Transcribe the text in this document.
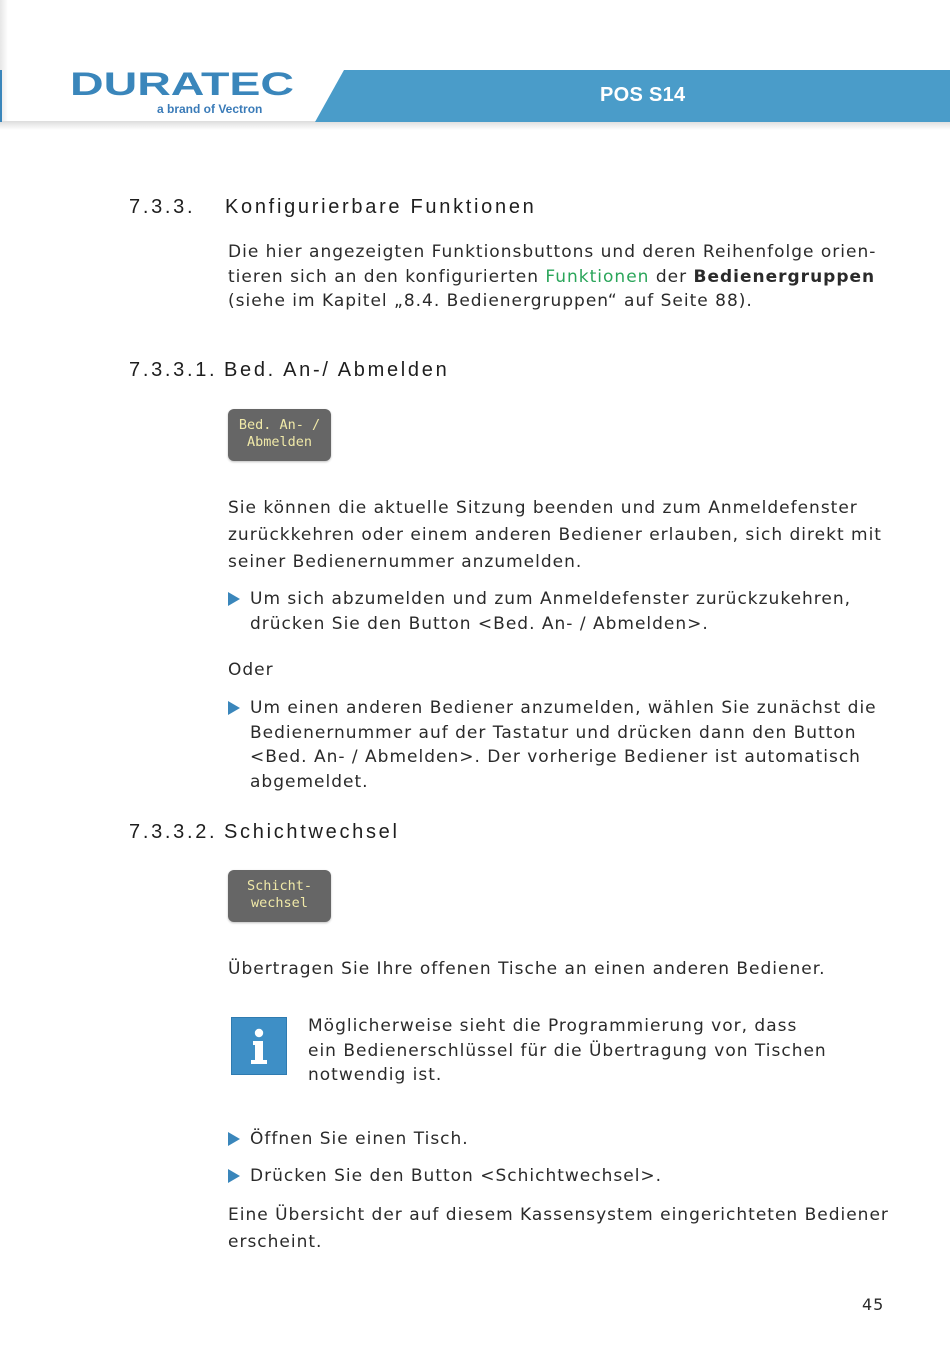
DURATEC
a brand of Vectron
POS S14
7.3.3. Konfigurierbare Funktionen
Die hier angezeigten Funktionsbuttons und deren Reihenfolge orien-
tieren sich an den konfigurierten Funktionen der Bedienergruppen
(siehe im Kapitel „8.4. Bedienergruppen“ auf Seite 88).
7.3.3.1. Bed. An-/ Abmelden
Bed. An- /
Abmelden
Sie können die aktuelle Sitzung beenden und zum Anmeldefenster
zurückkehren oder einem anderen Bediener erlauben, sich direkt mit
seiner Bedienernummer anzumelden.
Um sich abzumelden und zum Anmeldefenster zurückzukehren,
drücken Sie den Button <Bed. An- / Abmelden>.
Oder
Um einen anderen Bediener anzumelden, wählen Sie zunächst die
Bedienernummer auf der Tastatur und drücken dann den Button
<Bed. An- / Abmelden>. Der vorherige Bediener ist automatisch
abgemeldet.
7.3.3.2. Schichtwechsel
Schicht-
wechsel
Übertragen Sie Ihre offenen Tische an einen anderen Bediener.
Möglicherweise sieht die Programmierung vor, dass
ein Bedienerschlüssel für die Übertragung von Tischen
notwendig ist.
Öffnen Sie einen Tisch.
Drücken Sie den Button <Schichtwechsel>.
Eine Übersicht der auf diesem Kassensystem eingerichteten Bediener
erscheint.
45
